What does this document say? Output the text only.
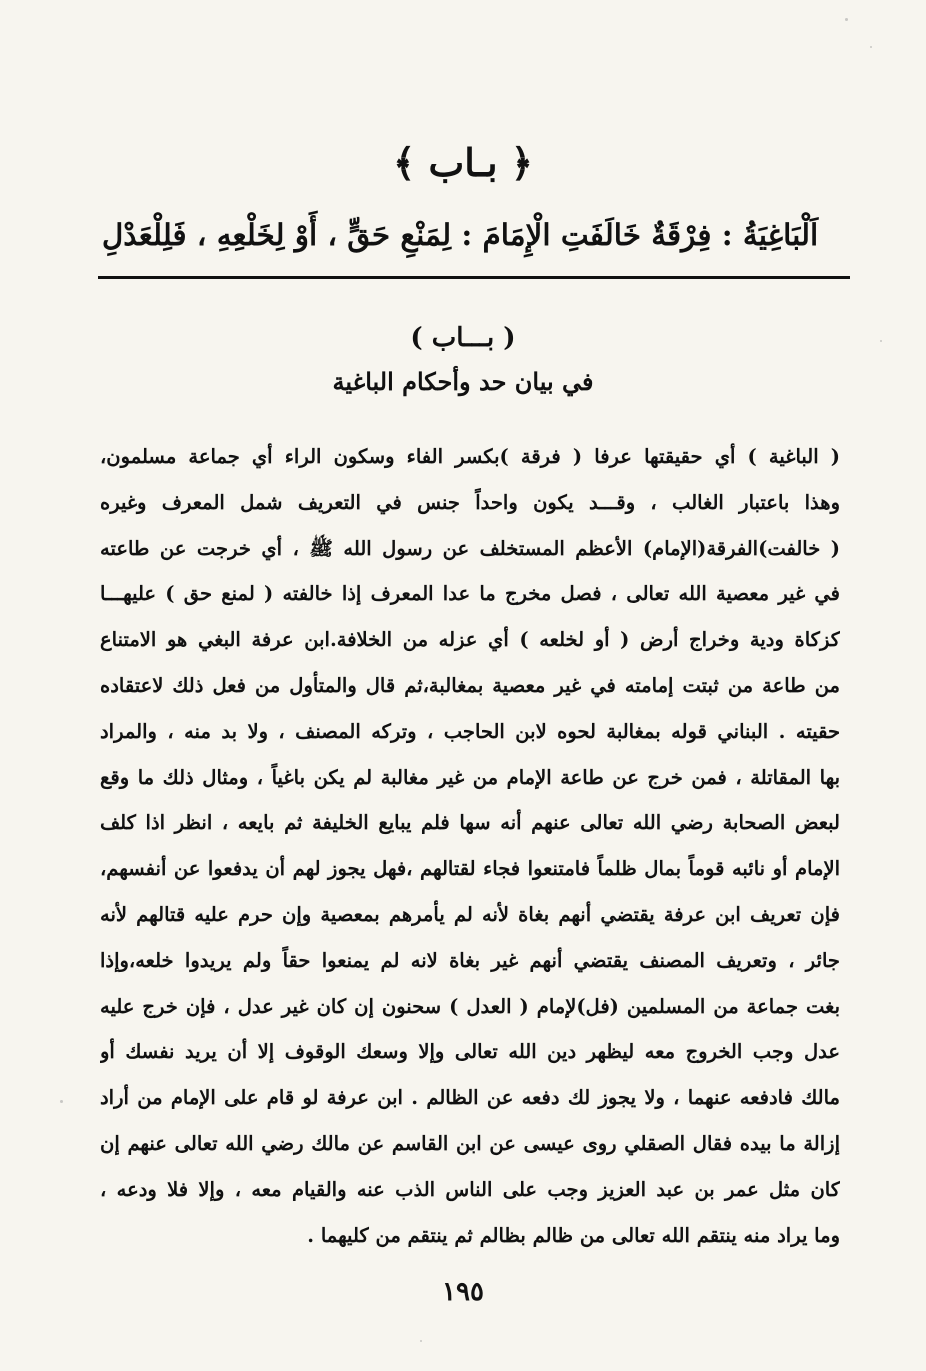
﴿ بـاب ﴾
اَلْبَاغِيَةُ : فِرْقَةٌ خَالَفَتِ الْإِمَامَ : لِمَنْعِ حَقٍّ ، أَوْ لِخَلْعِهِ ، فَلِلْعَدْلِ
( بـــاب )
في بيان حد وأحكام الباغية
( الباغية ) أي حقيقتها عرفا ( فرقة )بكسر الفاء وسكون الراء أي جماعة مسلمون،
وهذا باعتبار الغالب ، وقـــد يكون واحداً جنس في التعريف شمل المعرف وغيره
( خالفت)الفرقة(الإمام) الأعظم المستخلف عن رسول الله ﷺ ، أي خرجت عن طاعته
في غير معصية الله تعالى ، فصل مخرج ما عدا المعرف إذا خالفته ( لمنع حق ) عليهـــا
كزكاة ودية وخراج أرض ( أو لخلعه ) أي عزله من الخلافة.ابن عرفة البغي هو الامتناع
من طاعة من ثبتت إمامته في غير معصية بمغالبة،ثم قال والمتأول من فعل ذلك لاعتقاده
حقيته . البناني قوله بمغالبة لحوه لابن الحاجب ، وتركه المصنف ، ولا بد منه ، والمراد
بها المقاتلة ، فمن خرج عن طاعة الإمام من غير مغالبة لم يكن باغياً ، ومثال ذلك ما وقع
لبعض الصحابة رضي الله تعالى عنهم أنه سها فلم يبايع الخليفة ثم بايعه ، انظر اذا كلف
الإمام أو نائبه قوماً بمال ظلماً فامتنعوا فجاء لقتالهم ،فهل يجوز لهم أن يدفعوا عن أنفسهم،
فإن تعريف ابن عرفة يقتضي أنهم بغاة لأنه لم يأمرهم بمعصية وإن حرم عليه قتالهم لأنه
جائر ، وتعريف المصنف يقتضي أنهم غير بغاة لانه لم يمنعوا حقاً ولم يريدوا خلعه،وإذا
بغت جماعة من المسلمين (فل)لإمام ( العدل ) سحنون إن كان غير عدل ، فإن خرج عليه
عدل وجب الخروج معه ليظهر دين الله تعالى وإلا وسعك الوقوف إلا أن يريد نفسك أو
مالك فادفعه عنهما ، ولا يجوز لك دفعه عن الظالم . ابن عرفة لو قام على الإمام من أراد
إزالة ما بيده فقال الصقلي روى عيسى عن ابن القاسم عن مالك رضي الله تعالى عنهم إن
كان مثل عمر بن عبد العزيز وجب على الناس الذب عنه والقيام معه ، وإلا فلا ودعه ،
وما يراد منه ينتقم الله تعالى من ظالم بظالم ثم ينتقم من كليهما .
١٩٥
